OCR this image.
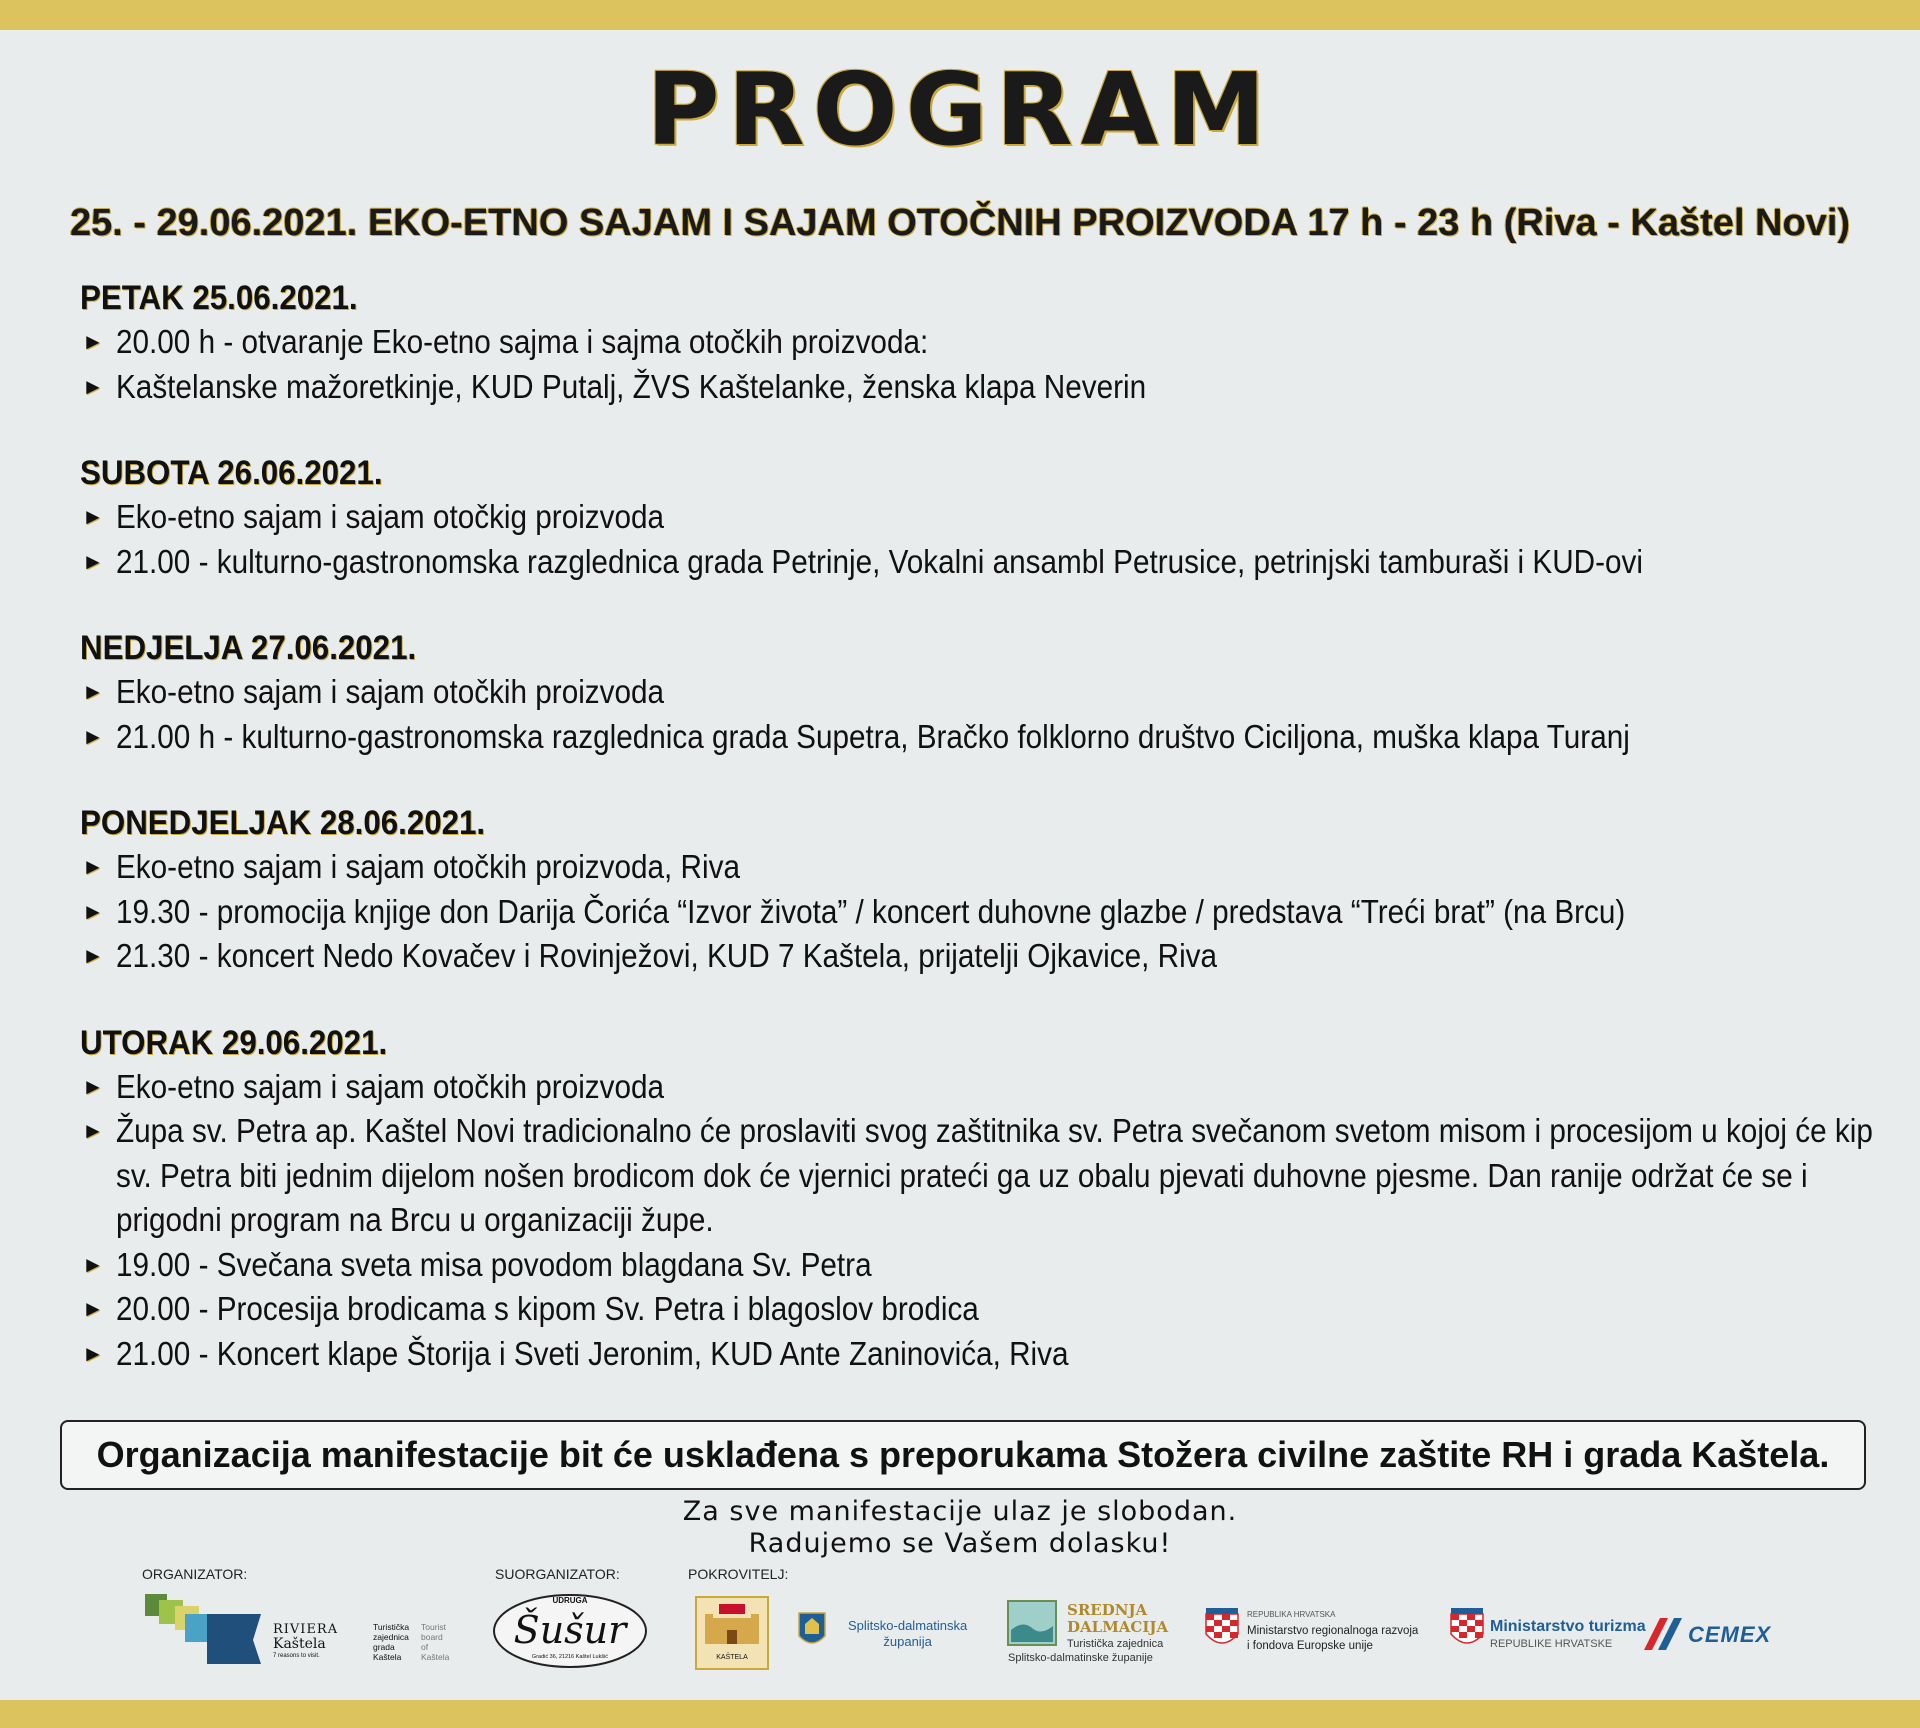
PROGRAM
25. - 29.06.2021. EKO-ETNO SAJAM I SAJAM OTOČNIH PROIZVODA 17 h - 23 h (Riva - Kaštel Novi)
PETAK 25.06.2021.
► 20.00 h - otvaranje Eko-etno sajma i sajma otočkih proizvoda:
► Kaštelanske mažoretkinje, KUD Putalj, ŽVS Kaštelanke, ženska klapa Neverin
SUBOTA 26.06.2021.
► Eko-etno sajam i sajam otočkig proizvoda
► 21.00 - kulturno-gastronomska razglednica grada Petrinje, Vokalni ansambl Petrusice, petrinjski tamburaši i KUD-ovi
NEDJELJA 27.06.2021.
► Eko-etno sajam i sajam otočkih proizvoda
► 21.00 h - kulturno-gastronomska razglednica grada Supetra, Bračko folklorno društvo Ciciljona, muška klapa Turanj
PONEDJELJAK 28.06.2021.
► Eko-etno sajam i sajam otočkih proizvoda, Riva
► 19.30 - promocija knjige don Darija Čorića “Izvor života” / koncert duhovne glazbe / predstava “Treći brat” (na Brcu)
► 21.30 - koncert Nedo Kovačev i Rovinježovi, KUD 7 Kaštela, prijatelji Ojkavice, Riva
UTORAK 29.06.2021.
► Eko-etno sajam i sajam otočkih proizvoda
► Župa sv. Petra ap. Kaštel Novi tradicionalno će proslaviti svog zaštitnika sv. Petra svečanom svetom misom i procesijom u kojoj će kip sv. Petra biti jednim dijelom nošen brodicom dok će vjernici prateći ga uz obalu pjevati duhovne pjesme. Dan ranije održat će se i prigodni program na Brcu u organizaciji župe.
► 19.00 - Svečana sveta misa povodom blagdana Sv. Petra
► 20.00 - Procesija brodicama s kipom Sv. Petra i blagoslov brodica
► 21.00 - Koncert klape Štorija i Sveti Jeronim, KUD Ante Zaninovića, Riva
Organizacija manifestacije bit će usklađena s preporukama Stožera civilne zaštite RH i grada Kaštela.
Za sve manifestacije ulaz je slobodan.
Radujemo se Vašem dolasku!
ORGANIZATOR:	SUORGANIZATOR:	POKROVITELJ:
RIVIERA
Kaštela
7 reasons to visit.
Turistička
zajednica
grada
Kaštela
Tourist
board
of
Kaštela
UDRUGA
Šušur
Gradić 36, 21216 Kaštel Lukšić	KAŠTELA
Splitsko-dalmatinska
županija
SREDNJA
DALMACIJA
Turistička zajednica
Splitsko-dalmatinske županije
REPUBLIKA HRVATSKA
Ministarstvo regionalnoga razvoja
i fondova Europske unije
Ministarstvo turizma
REPUBLIKE HRVATSKE	CEMEX
